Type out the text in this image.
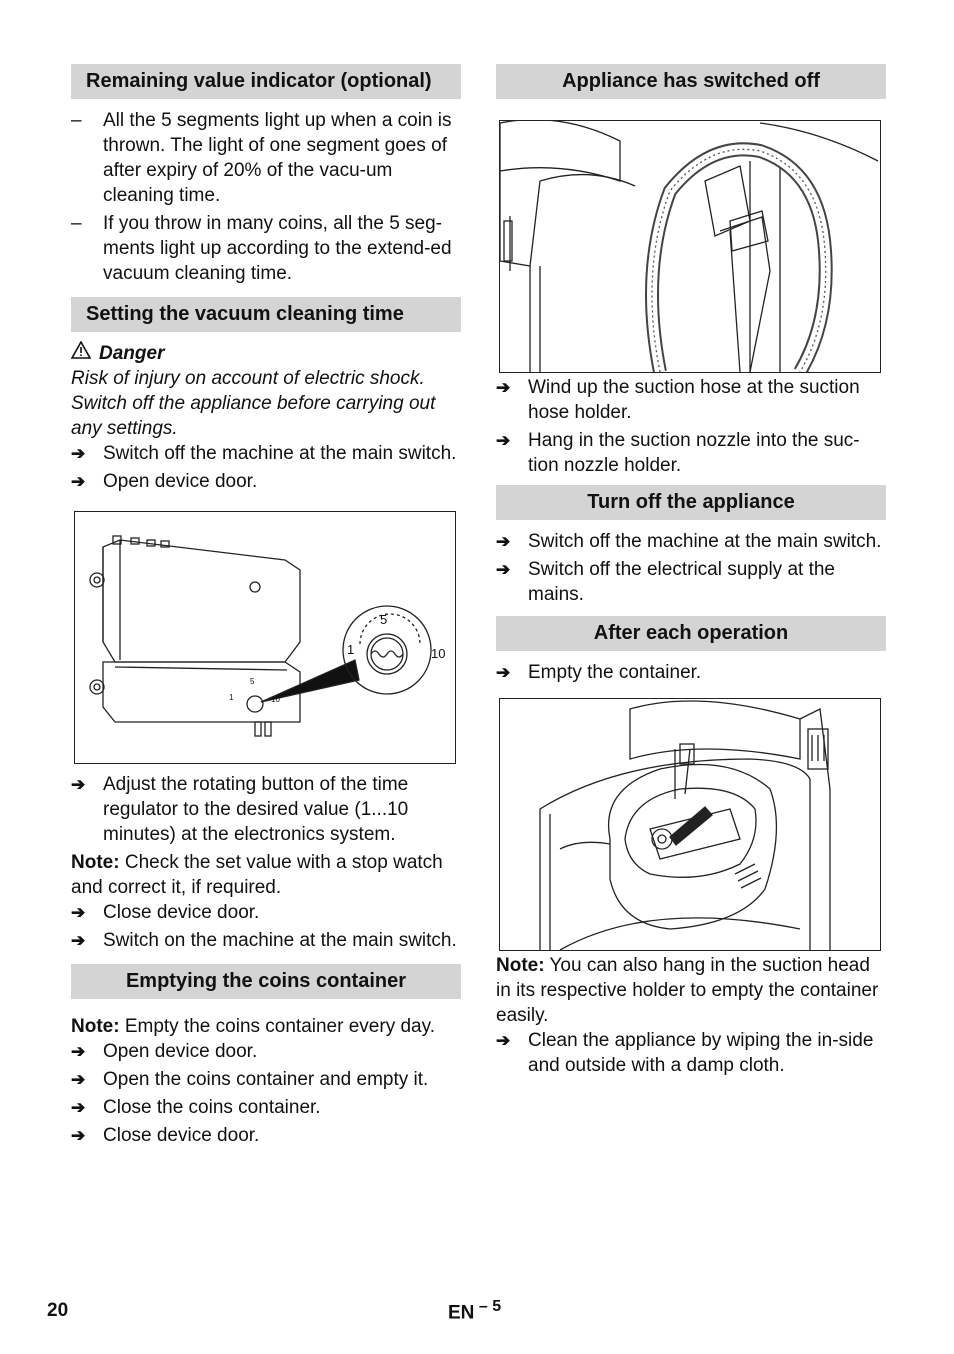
Remaining value indicator (optional)
–	All the 5 segments light up when a coin is thrown. The light of one segment goes of after expiry of 20% of the vacu-um cleaning time.
–	If you throw in many coins, all the 5 seg-ments light up according to the extend-ed vacuum cleaning time.
Setting the vacuum cleaning time
Danger

Risk of injury on account of electric shock. Switch off the appliance before carrying out any settings.

➔ Switch off the machine at the main switch.
➔ Open device door.
5
1	10
5
1	10
➔ Adjust the rotating button of the time regulator to the desired value (1...10 minutes) at the electronics system.

Note: Check the set value with a stop watch and correct it, if required.

➔ Close device door.
➔ Switch on the machine at the main switch.
Emptying the coins container

Note: Empty the coins container every day.

➔ Open device door.
➔ Open the coins container and empty it.
➔ Close the coins container.
➔ Close device door.
Appliance has switched off
➔ Wind up the suction hose at the suction hose holder.
➔ Hang in the suction nozzle into the suc-tion nozzle holder.
Turn off the appliance
➔ Switch off the machine at the main switch.
➔ Switch off the electrical supply at the mains.
After each operation
➔ Empty the container.

Note: You can also hang in the suction head in its respective holder to empty the container easily.

➔ Clean the appliance by wiping the in-side and outside with a damp cloth.
20	EN $^{- 5}$
